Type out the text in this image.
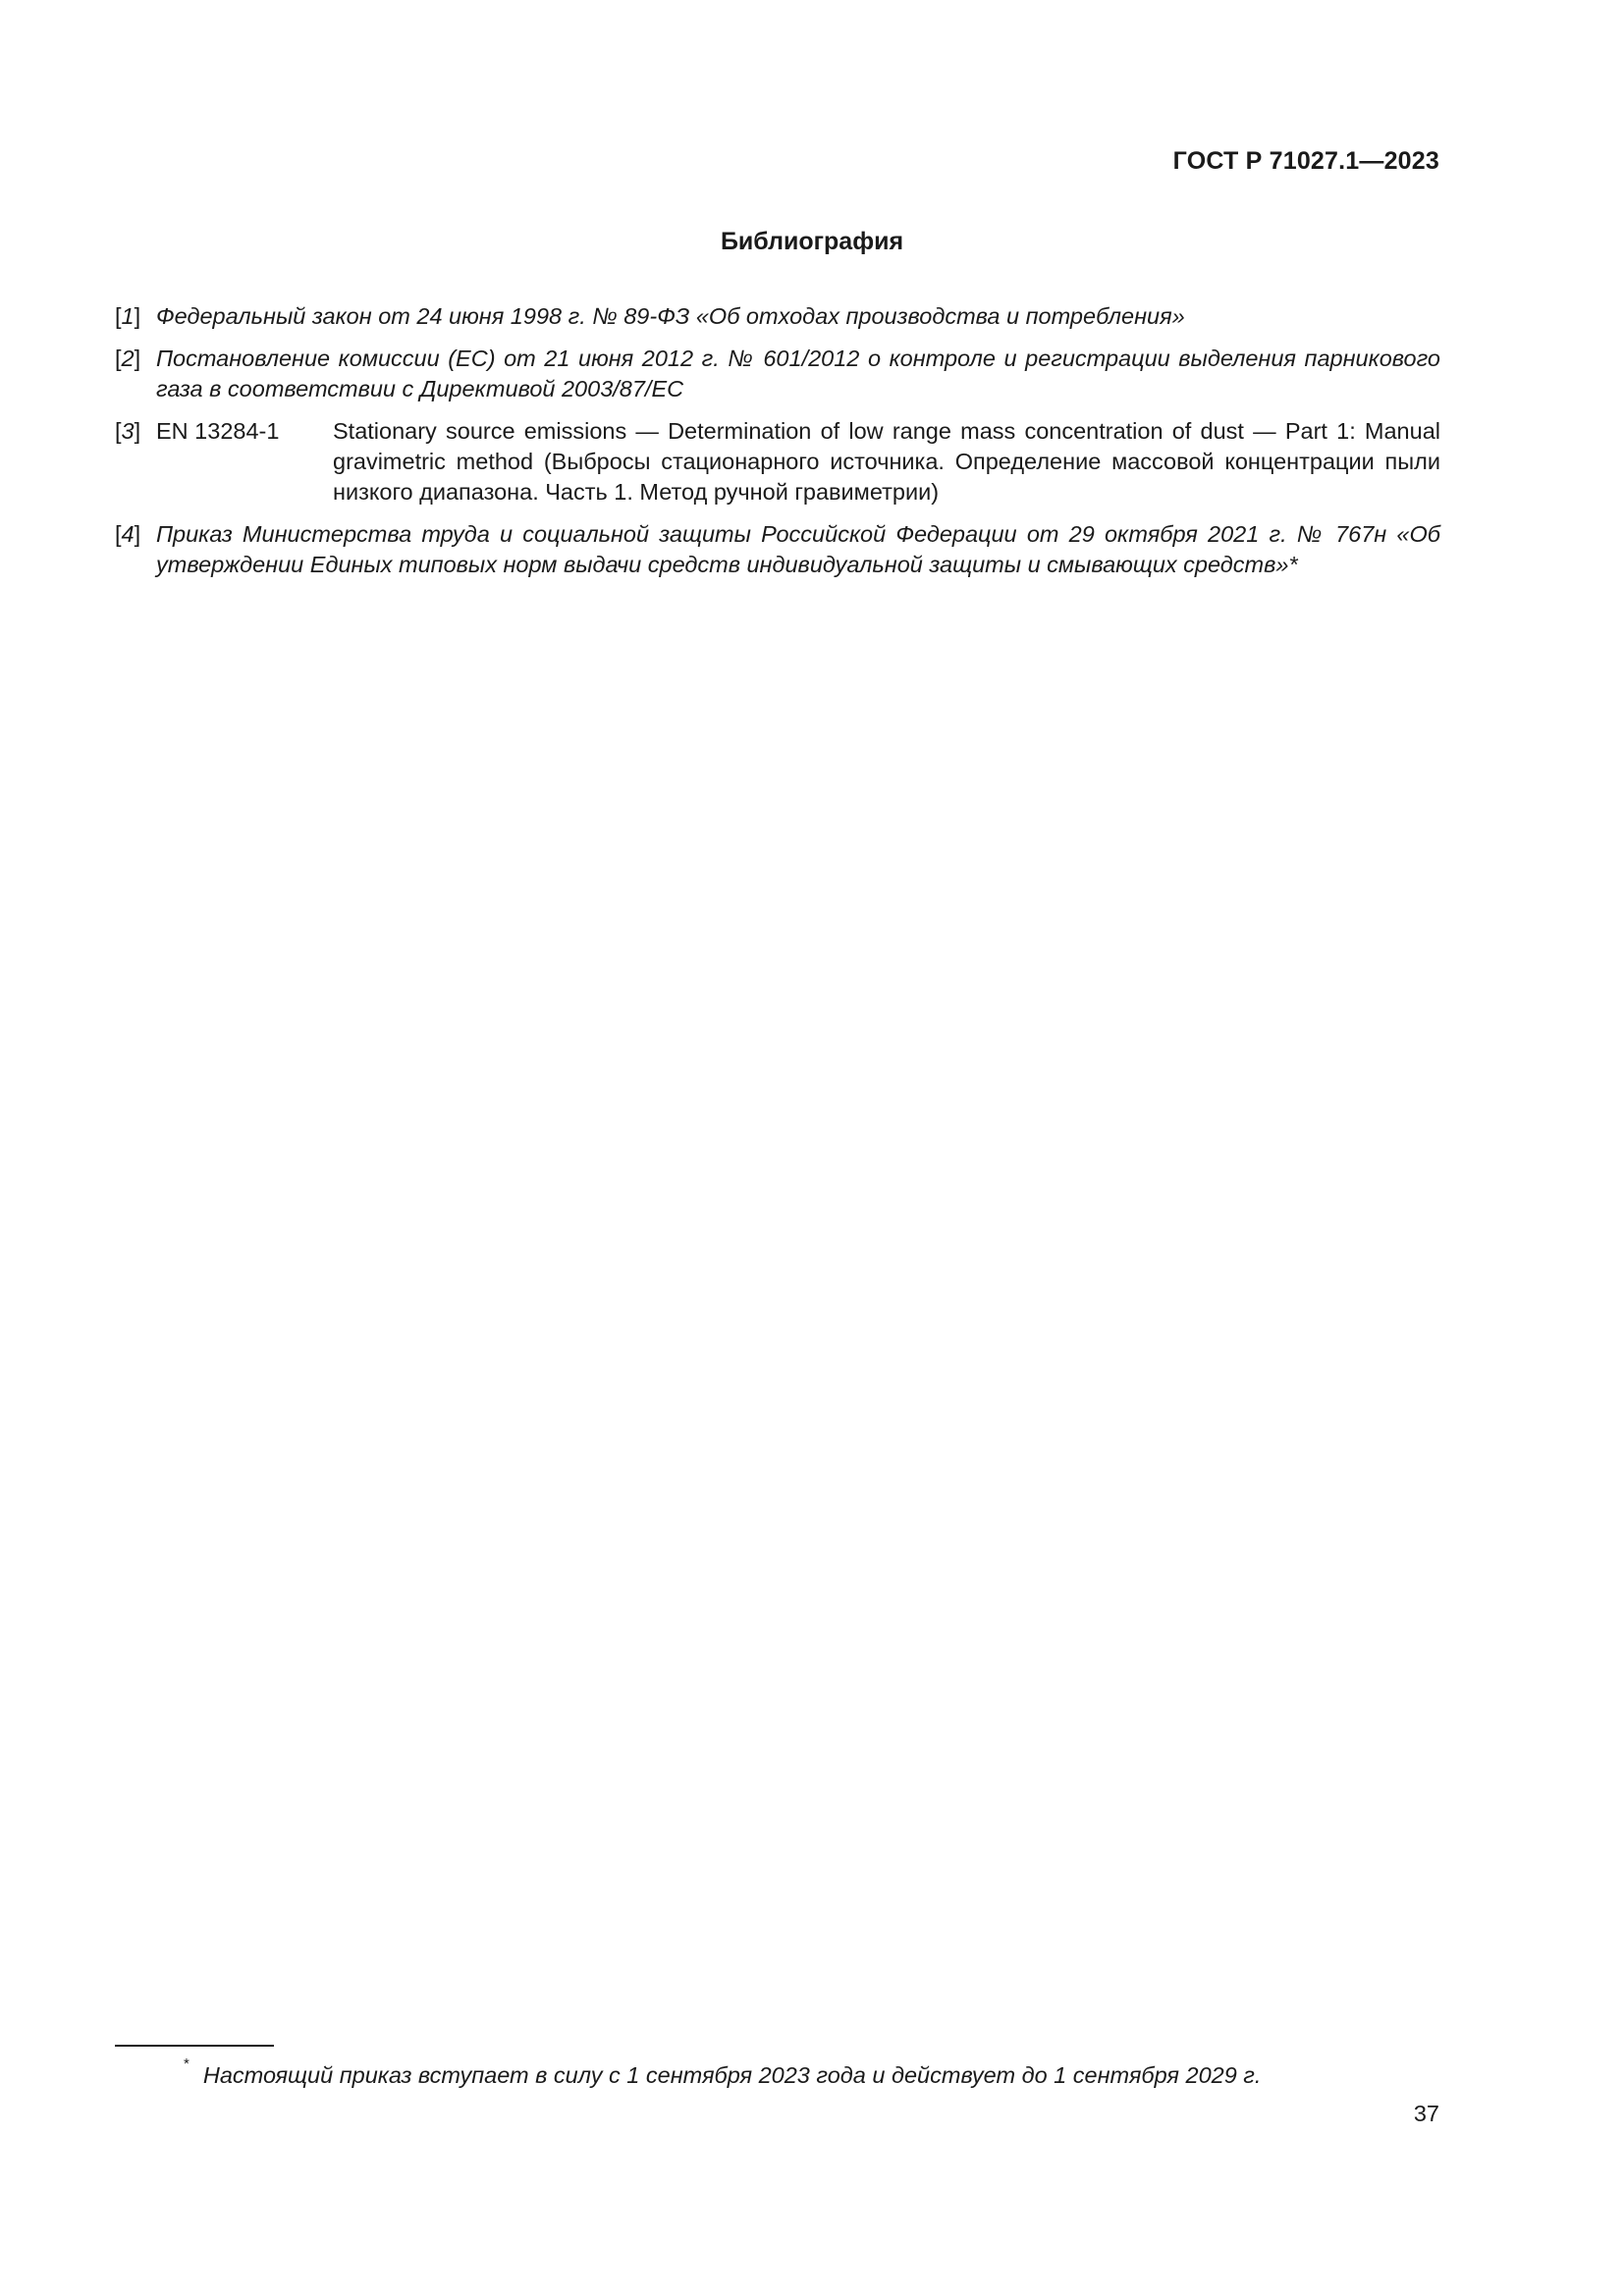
ГОСТ Р 71027.1—2023
Библиография
[1] Федеральный закон от 24 июня 1998 г. № 89-ФЗ «Об отходах производства и потребления»
[2] Постановление комиссии (ЕС) от 21 июня 2012 г. № 601/2012 о контроле и регистрации выделения парникового газа в соответствии с Директивой 2003/87/ЕС
[3] EN 13284-1	Stationary source emissions — Determination of low range mass concentration of dust — Part 1: Manual gravimetric method (Выбросы стационарного источника. Определение массовой концентрации пыли низкого диапазона. Часть 1. Метод ручной гравиметрии)
[4] Приказ Министерства труда и социальной защиты Российской Федерации от 29 октября 2021 г. № 767н «Об утверждении Единых типовых норм выдачи средств индивидуальной защиты и смывающих средств»*
* Настоящий приказ вступает в силу с 1 сентября 2023 года и действует до 1 сентября 2029 г.
37
